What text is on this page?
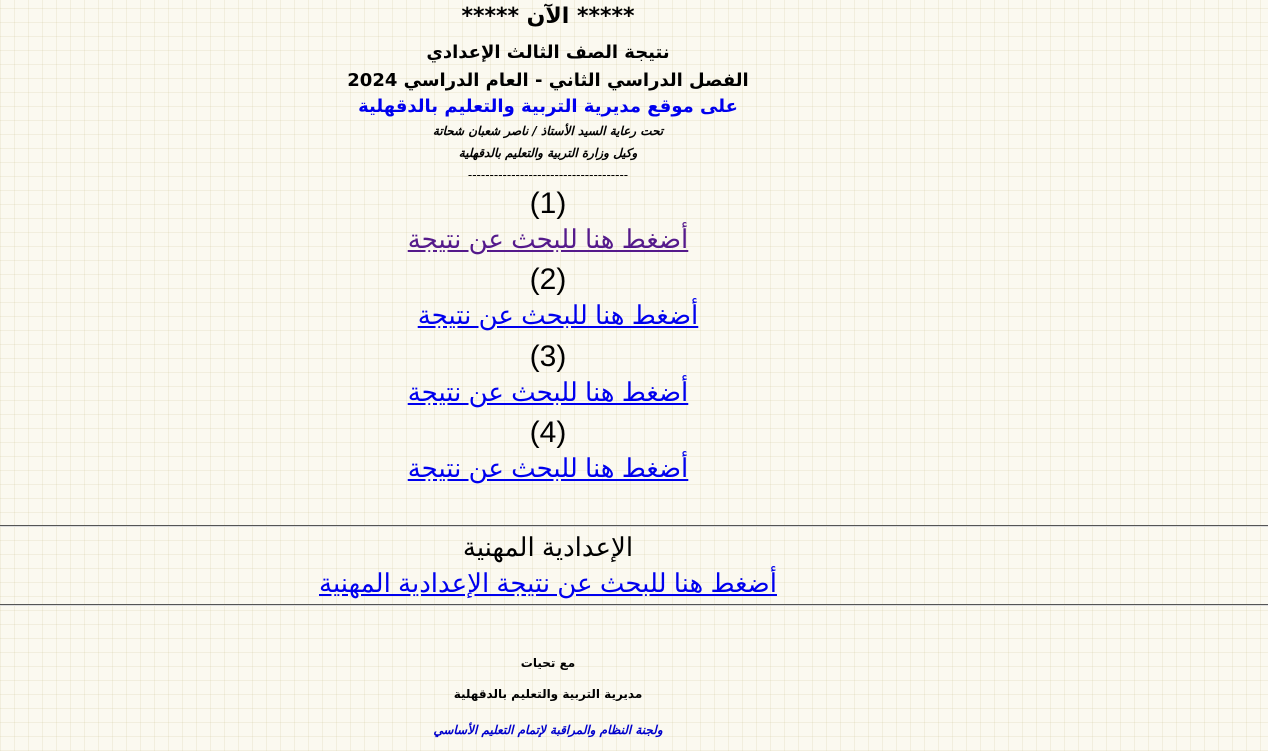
***** الآن *****
نتيجة الصف الثالث الإعدادي
الفصل الدراسي الثاني - العام الدراسي 2024
على موقع مديرية التربية والتعليم بالدقهلية
تحت رعاية السيد الأستاذ / ناصر شعبان شحاتة
وكيل وزارة التربية والتعليم بالدقهلية
-------------------------------------
(1)
أضغط هنا للبحث عن نتيجة
(2)
أضغط هنا للبحث عن نتيجة
(3)
أضغط هنا للبحث عن نتيجة
(4)
أضغط هنا للبحث عن نتيجة
الإعدادية المهنية
أضغط هنا للبحث عن نتيجة الإعدادية المهنية
مع تحيات
مديرية التربية والتعليم بالدقهلية
ولجنة النظام والمراقبة لإتمام التعليم الأساسي
